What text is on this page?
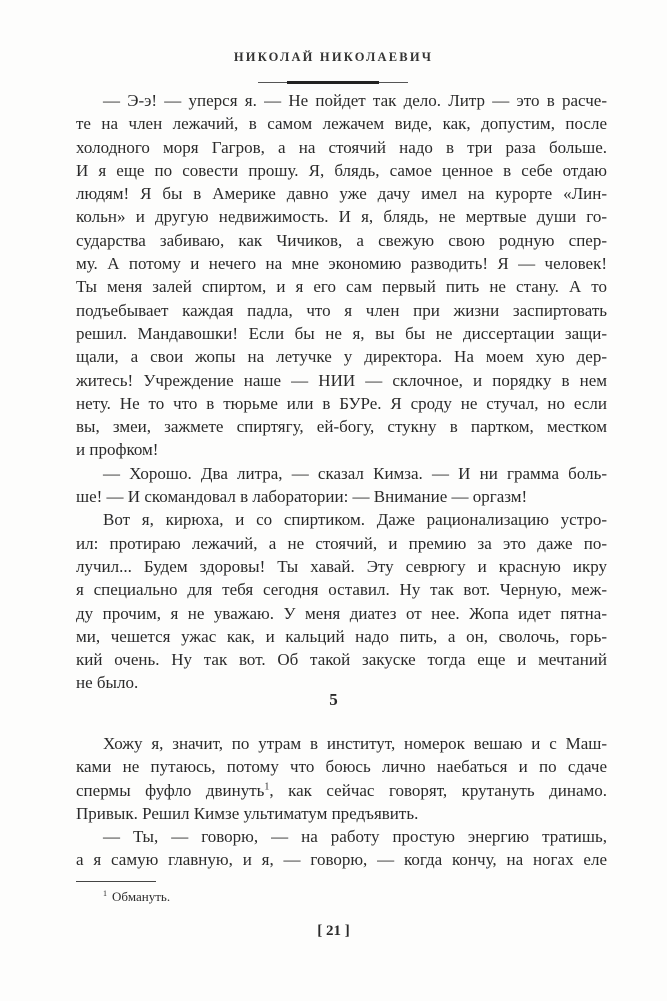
НИКОЛАЙ НИКОЛАЕВИЧ
— Э-э! — уперся я. — Не пойдет так дело. Литр — это в расче-
те на член лежачий, в самом лежачем виде, как, допустим, после
холодного моря Гагров, а на стоячий надо в три раза больше.
И я еще по совести прошу. Я, блядь, самое ценное в себе отдаю
людям! Я бы в Америке давно уже дачу имел на курорте «Лин-
кольн» и другую недвижимость. И я, блядь, не мертвые души го-
сударства забиваю, как Чичиков, а свежую свою родную спер-
му. А потому и нечего на мне экономию разводить! Я — человек!
Ты меня залей спиртом, и я его сам первый пить не стану. А то
подъебывает каждая падла, что я член при жизни заспиртовать
решил. Мандавошки! Если бы не я, вы бы не диссертации защи-
щали, а свои жопы на летучке у директора. На моем хую дер-
житесь! Учреждение наше — НИИ — склочное, и порядку в нем
нету. Не то что в тюрьме или в БУРе. Я сроду не стучал, но если
вы, змеи, зажмете спиртягу, ей-богу, стукну в партком, местком
и профком!
— Хорошо. Два литра, — сказал Кимза. — И ни грамма боль-
ше! — И скомандовал в лаборатории: — Внимание — оргазм!
Вот я, кирюха, и со спиртиком. Даже рационализацию устро-
ил: протираю лежачий, а не стоячий, и премию за это даже по-
лучил... Будем здоровы! Ты хавай. Эту севрюгу и красную икру
я специально для тебя сегодня оставил. Ну так вот. Черную, меж-
ду прочим, я не уважаю. У меня диатез от нее. Жопа идет пятна-
ми, чешется ужас как, и кальций надо пить, а он, сволочь, горь-
кий очень. Ну так вот. Об такой закуске тогда еще и мечтаний
не было.
5
Хожу я, значит, по утрам в институт, номерок вешаю и с Маш-
ками не путаюсь, потому что боюсь лично наебаться и по сдаче
спермы фуфло двинуть$^1$, как сейчас говорят, крутануть динамо.
Привык. Решил Кимзе ультиматум предъявить.
— Ты, — говорю, — на работу простую энергию тратишь,
а я самую главную, и я, — говорю, — когда кончу, на ногах еле
$^1$ Обмануть.
[ 21 ]
